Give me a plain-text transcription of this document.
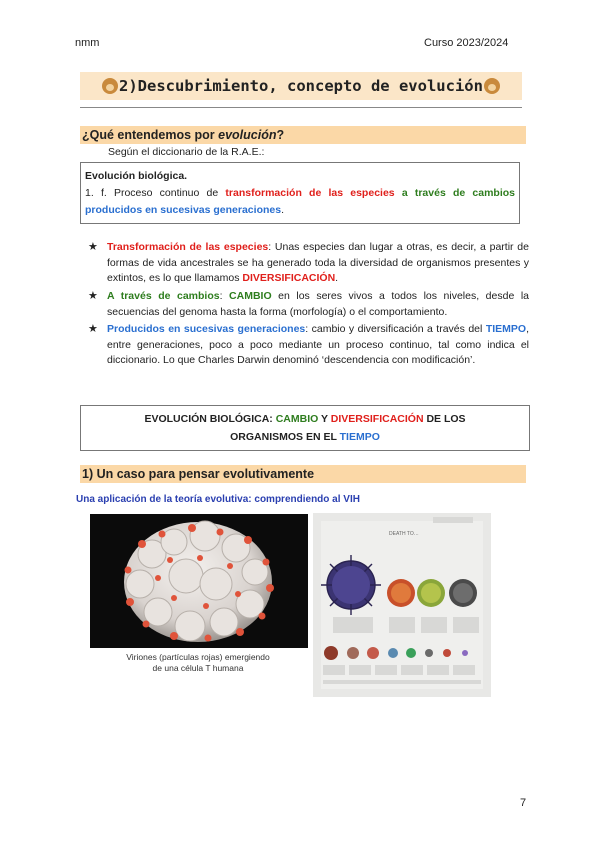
nmm	Curso 2023/2024
2)Descubrimiento, concepto de evolución
¿Qué entendemos por evolución?
Según el diccionario de la R.A.E.:
Evolución biológica.
1. f. Proceso continuo de transformación de las especies a través de cambios producidos en sucesivas generaciones.
★ Transformación de las especies: Unas especies dan lugar a otras, es decir, a partir de formas de vida ancestrales se ha generado toda la diversidad de organismos presentes y extintos, es lo que llamamos DIVERSIFICACIÓN.
★ A través de cambios: CAMBIO en los seres vivos a todos los niveles, desde la secuencias del genoma hasta la forma (morfología) o el comportamiento.
★ Producidos en sucesivas generaciones: cambio y diversificación a través del TIEMPO, entre generaciones, poco a poco mediante un proceso continuo, tal como indica el diccionario. Lo que Charles Darwin denominó ‘descendencia con modificación’.
EVOLUCIÓN BIOLÓGICA: CAMBIO Y DIVERSIFICACIÓN DE LOS ORGANISMOS EN EL TIEMPO
1) Un caso para pensar evolutivamente
Una aplicación de la teoría evolutiva: comprendiendo al VIH
Viriones (partículas rojas) emergiendo
de una célula T humana
DEATH TO…
7
